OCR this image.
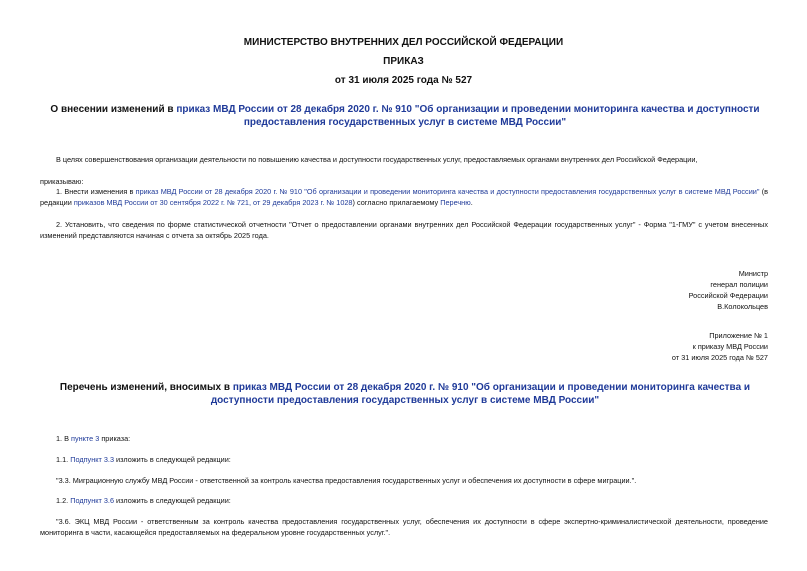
МИНИСТЕРСТВО ВНУТРЕННИХ ДЕЛ РОССИЙСКОЙ ФЕДЕРАЦИИ
ПРИКАЗ
от 31 июля 2025 года № 527
О внесении изменений в приказ МВД России от 28 декабря 2020 г. № 910 "Об организации и проведении мониторинга качества и доступности предоставления государственных услуг в системе МВД России"
В целях совершенствования организации деятельности по повышению качества и доступности государственных услуг, предоставляемых органами внутренних дел Российской Федерации,
приказываю:
1. Внести изменения в приказ МВД России от 28 декабря 2020 г. № 910 "Об организации и проведении мониторинга качества и доступности предоставления государственных услуг в системе МВД России" (в редакции приказов МВД России от 30 сентября 2022 г. № 721, от 29 декабря 2023 г. № 1028) согласно прилагаемому Перечню.
2. Установить, что сведения по форме статистической отчетности "Отчет о предоставлении органами внутренних дел Российской Федерации государственных услуг" - Форма "1-ГМУ" с учетом внесенных изменений представляются начиная с отчета за октябрь 2025 года.
Министр
генерал полиции
Российской Федерации
В.Колокольцев
Приложение № 1
к приказу МВД России
от 31 июля 2025 года № 527
Перечень изменений, вносимых в приказ МВД России от 28 декабря 2020 г. № 910 "Об организации и проведении мониторинга качества и доступности предоставления государственных услуг в системе МВД России"
1. В пункте 3 приказа:
1.1. Подпункт 3.3 изложить в следующей редакции:
"3.3. Миграционную службу МВД России - ответственной за контроль качества предоставления государственных услуг и обеспечения их доступности в сфере миграции.".
1.2. Подпункт 3.6 изложить в следующей редакции:
"3.6. ЭКЦ МВД России - ответственным за контроль качества предоставления государственных услуг, обеспечения их доступности в сфере экспертно-криминалистической деятельности, проведение мониторинга в части, касающейся предоставляемых на федеральном уровне государственных услуг.".
